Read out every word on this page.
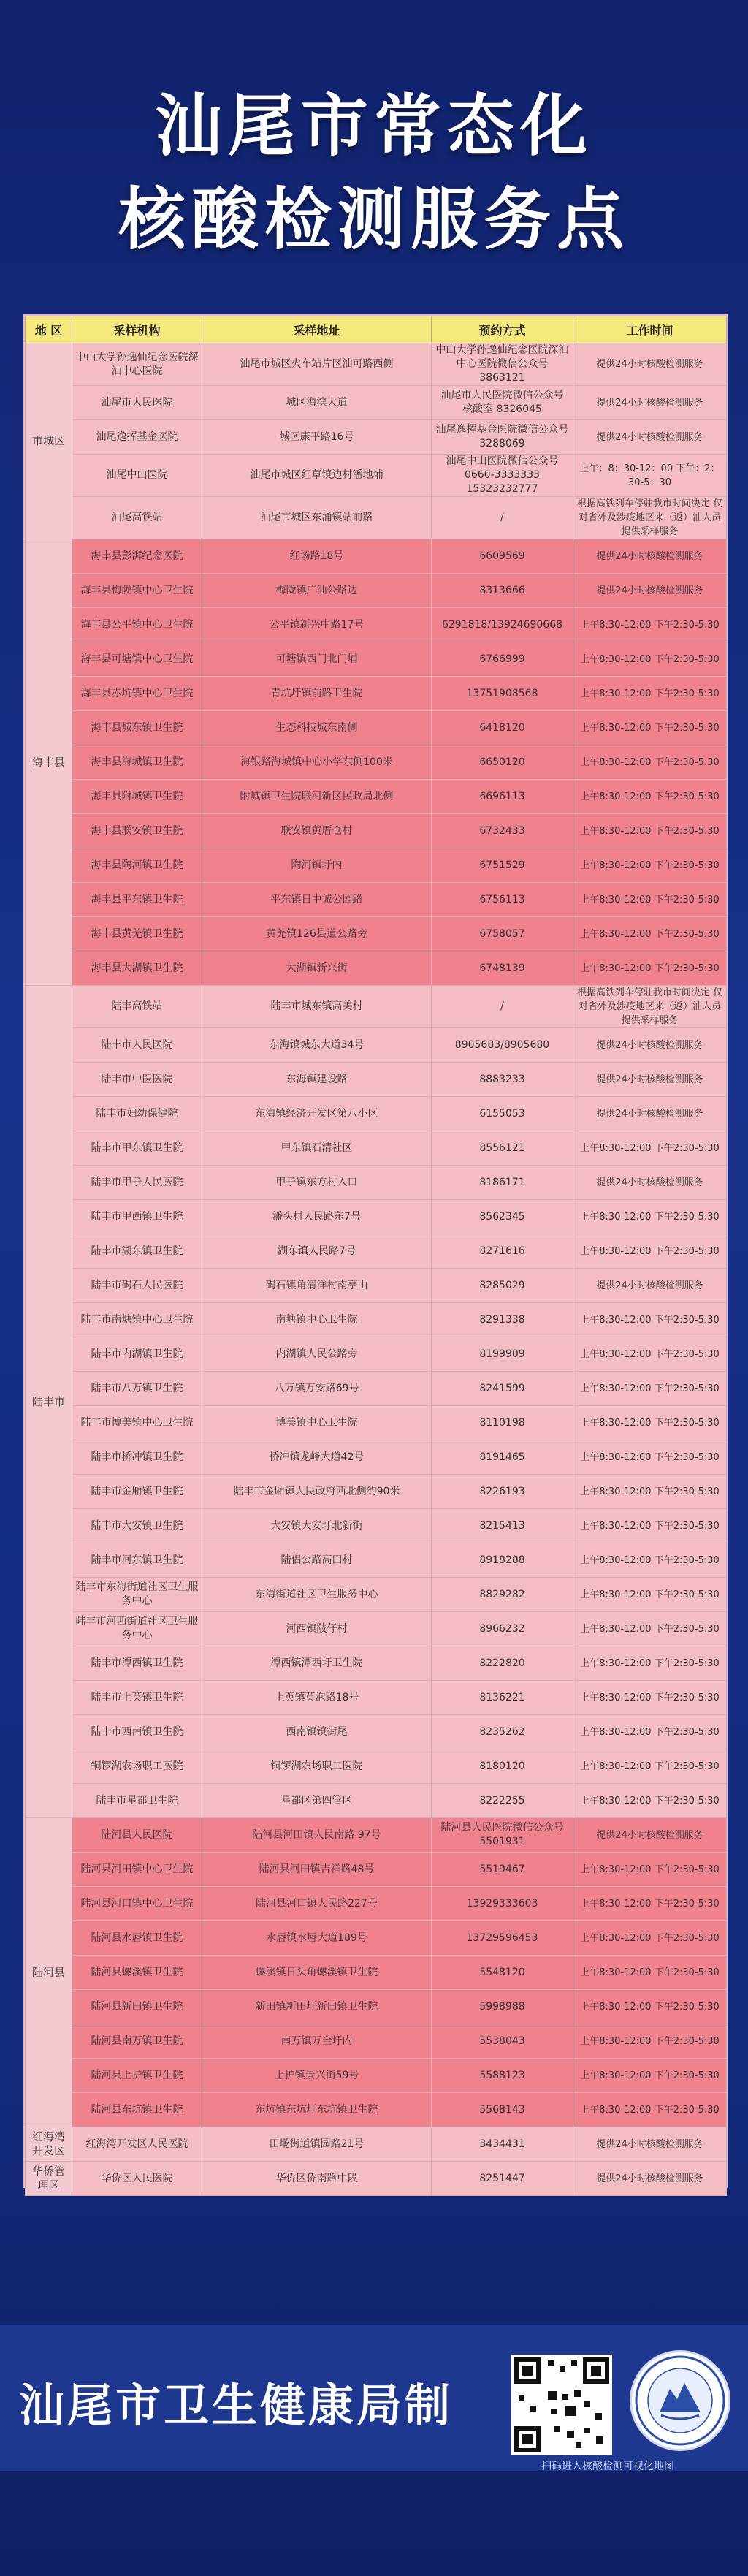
汕尾市常态化
核酸检测服务点
地 区	采样机构	采样地址	预约方式	工作时间
市城区	中山大学孙逸仙纪念医院深汕中心医院	汕尾市城区火车站片区汕可路西侧	中山大学孙逸仙纪念医院深汕中心医院微信公众号 3863121	提供24小时核酸检测服务
	汕尾市人民医院	城区海滨大道	汕尾市人民医院微信公众号 核酸室 8326045	提供24小时核酸检测服务
	汕尾逸挥基金医院	城区康平路16号	汕尾逸挥基金医院微信公众号 3288069	提供24小时核酸检测服务
	汕尾中山医院	汕尾市城区红草镇边村潘地埔	汕尾中山医院微信公众号 0660-3333333 15323232777	上午：8：30-12：00 下午：2：30-5：30
	汕尾高铁站	汕尾市城区东涌镇站前路	/	根据高铁列车停驻我市时间决定 仅对省外及涉疫地区来（返）汕人员提供采样服务
海丰县	海丰县彭湃纪念医院	红场路18号	6609569	提供24小时核酸检测服务
	海丰县梅陇镇中心卫生院	梅陇镇广汕公路边	8313666	提供24小时核酸检测服务
	海丰县公平镇中心卫生院	公平镇新兴中路17号	6291818/13924690668	上午8:30-12:00 下午2:30-5:30
	海丰县可塘镇中心卫生院	可塘镇西门北门埔	6766999	上午8:30-12:00 下午2:30-5:30
	海丰县赤坑镇中心卫生院	青坑圩镇前路卫生院	13751908568	上午8:30-12:00 下午2:30-5:30
	海丰县城东镇卫生院	生态科技城东南侧	6418120	上午8:30-12:00 下午2:30-5:30
	海丰县海城镇卫生院	海银路海城镇中心小学东侧100米	6650120	上午8:30-12:00 下午2:30-5:30
	海丰县附城镇卫生院	附城镇卫生院联河新区民政局北侧	6696113	上午8:30-12:00 下午2:30-5:30
	海丰县联安镇卫生院	联安镇黄厝仓村	6732433	上午8:30-12:00 下午2:30-5:30
	海丰县陶河镇卫生院	陶河镇圩内	6751529	上午8:30-12:00 下午2:30-5:30
	海丰县平东镇卫生院	平东镇日中诚公园路	6756113	上午8:30-12:00 下午2:30-5:30
	海丰县黄羌镇卫生院	黄羌镇126县道公路旁	6758057	上午8:30-12:00 下午2:30-5:30
	海丰县大湖镇卫生院	大湖镇新兴街	6748139	上午8:30-12:00 下午2:30-5:30
陆丰市	陆丰高铁站	陆丰市城东镇高美村	/	根据高铁列车停驻我市时间决定 仅对省外及涉疫地区来（返）汕人员提供采样服务
	陆丰市人民医院	东海镇城东大道34号	8905683/8905680	提供24小时核酸检测服务
	陆丰市中医医院	东海镇建设路	8883233	提供24小时核酸检测服务
	陆丰市妇幼保健院	东海镇经济开发区第八小区	6155053	提供24小时核酸检测服务
	陆丰市甲东镇卫生院	甲东镇石清社区	8556121	上午8:30-12:00 下午2:30-5:30
	陆丰市甲子人民医院	甲子镇东方村入口	8186171	提供24小时核酸检测服务
	陆丰市甲西镇卫生院	潘头村人民路东7号	8562345	上午8:30-12:00 下午2:30-5:30
	陆丰市湖东镇卫生院	湖东镇人民路7号	8271616	上午8:30-12:00 下午2:30-5:30
	陆丰市碣石人民医院	碣石镇角清洋村南亭山	8285029	提供24小时核酸检测服务
	陆丰市南塘镇中心卫生院	南塘镇中心卫生院	8291338	上午8:30-12:00 下午2:30-5:30
	陆丰市内湖镇卫生院	内湖镇人民公路旁	8199909	上午8:30-12:00 下午2:30-5:30
	陆丰市八万镇卫生院	八万镇万安路69号	8241599	上午8:30-12:00 下午2:30-5:30
	陆丰市博美镇中心卫生院	博美镇中心卫生院	8110198	上午8:30-12:00 下午2:30-5:30
	陆丰市桥冲镇卫生院	桥冲镇龙峰大道42号	8191465	上午8:30-12:00 下午2:30-5:30
	陆丰市金厢镇卫生院	陆丰市金厢镇人民政府西北侧约90米	8226193	上午8:30-12:00 下午2:30-5:30
	陆丰市大安镇卫生院	大安镇大安圩北新街	8215413	上午8:30-12:00 下午2:30-5:30
	陆丰市河东镇卫生院	陆侣公路高田村	8918288	上午8:30-12:00 下午2:30-5:30
	陆丰市东海街道社区卫生服务中心	东海街道社区卫生服务中心	8829282	上午8:30-12:00 下午2:30-5:30
	陆丰市河西街道社区卫生服务中心	河西镇陂仔村	8966232	上午8:30-12:00 下午2:30-5:30
	陆丰市潭西镇卫生院	潭西镇潭西圩卫生院	8222820	上午8:30-12:00 下午2:30-5:30
	陆丰市上英镇卫生院	上英镇英泡路18号	8136221	上午8:30-12:00 下午2:30-5:30
	陆丰市西南镇卫生院	西南镇镇街尾	8235262	上午8:30-12:00 下午2:30-5:30
	铜锣湖农场职工医院	铜锣湖农场职工医院	8180120	上午8:30-12:00 下午2:30-5:30
	陆丰市星都卫生院	星都区第四管区	8222255	上午8:30-12:00 下午2:30-5:30
陆河县	陆河县人民医院	陆河县河田镇人民南路 97号	陆河县人民医院微信公众号 5501931	提供24小时核酸检测服务
	陆河县河田镇中心卫生院	陆河县河田镇吉祥路48号	5519467	上午8:30-12:00 下午2:30-5:30
	陆河县河口镇中心卫生院	陆河县河口镇人民路227号	13929333603	上午8:30-12:00 下午2:30-5:30
	陆河县水唇镇卫生院	水唇镇水唇大道189号	13729596453	上午8:30-12:00 下午2:30-5:30
	陆河县螺溪镇卫生院	螺溪镇日头角螺溪镇卫生院	5548120	上午8:30-12:00 下午2:30-5:30
	陆河县新田镇卫生院	新田镇新田圩新田镇卫生院	5998988	上午8:30-12:00 下午2:30-5:30
	陆河县南万镇卫生院	南万镇万全圩内	5538043	上午8:30-12:00 下午2:30-5:30
	陆河县上护镇卫生院	上护镇景兴街59号	5588123	上午8:30-12:00 下午2:30-5:30
	陆河县东坑镇卫生院	东坑镇东坑圩东坑镇卫生院	5568143	上午8:30-12:00 下午2:30-5:30
红海湾开发区	红海湾开发区人民医院	田墘街道镇园路21号	3434431	提供24小时核酸检测服务
华侨管理区	华侨区人民医院	华侨区侨南路中段	8251447	提供24小时核酸检测服务
汕尾市卫生健康局制
扫码进入核酸检测可视化地图
